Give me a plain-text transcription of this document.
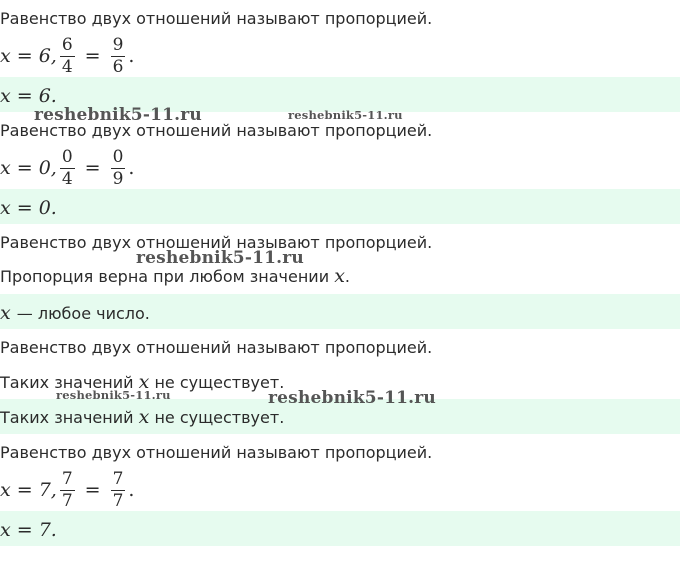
Равенство двух отношений называют пропорцией.
x = 6, $\frac{6}{4} = \frac{9}{6}$ .
x = 6.
Равенство двух отношений называют пропорцией.
x = 0, $\frac{0}{4} = \frac{0}{9}$ .
x = 0.
Равенство двух отношений называют пропорцией.
Пропорция верна при любом значении x.
x — любое число.
Равенство двух отношений называют пропорцией.
Таких значений x не существует.
Таких значений x не существует.
Равенство двух отношений называют пропорцией.
x = 7, $\frac{7}{7} = \frac{7}{7}$ .
x = 7.
reshebnik5-11.ru	reshebnik5-11.ru
reshebnik5-11.ru
reshebnik5-11.ru	reshebnik5-11.ru
